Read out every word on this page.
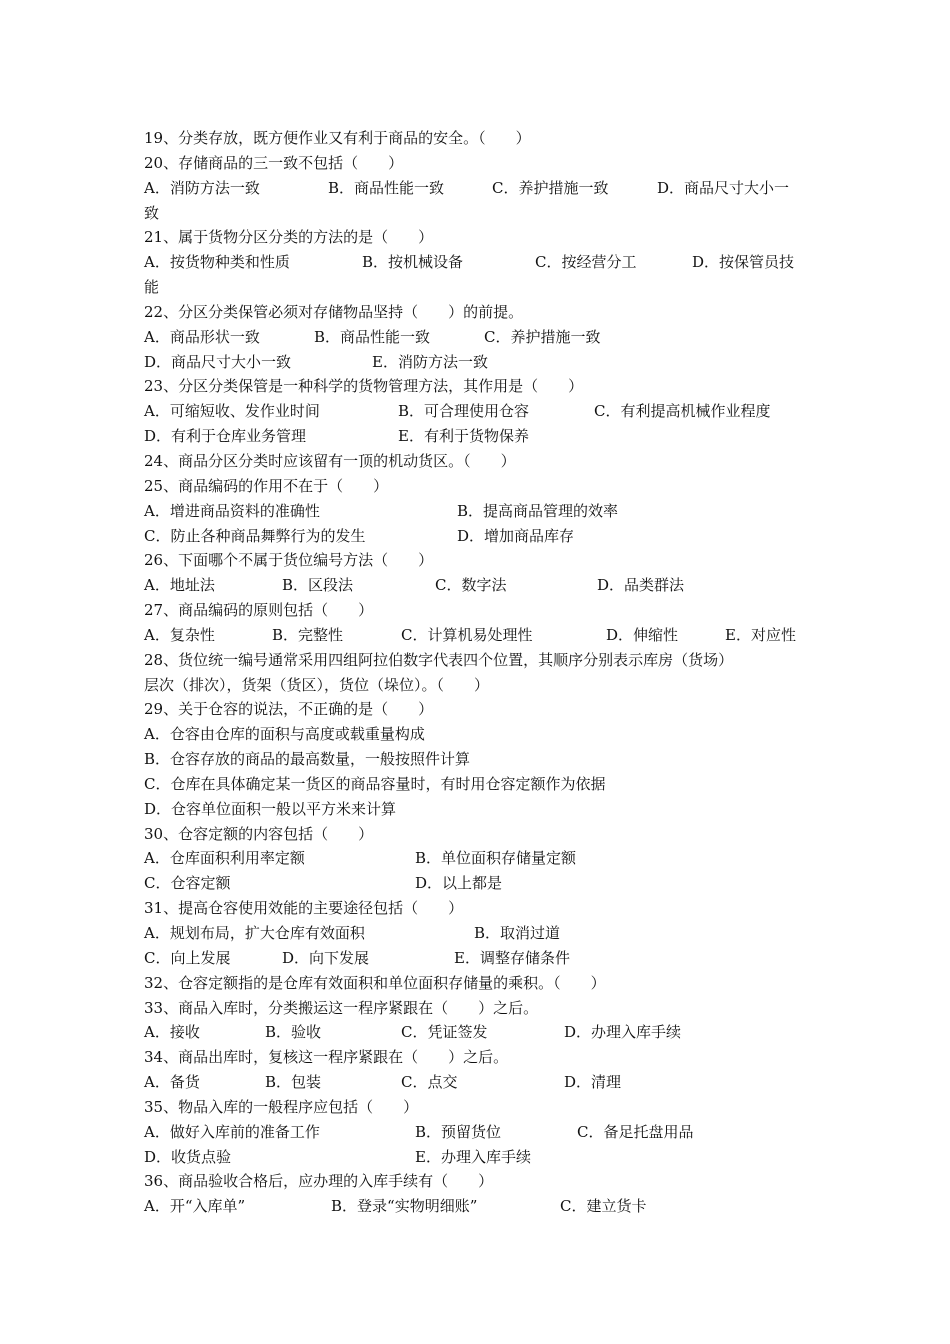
19、分类存放，既方便作业又有利于商品的安全。（　　）
20、存储商品的三一致不包括（　　）
A．消防方法一致	B．商品性能一致	C．养护措施一致	D．商品尺寸大小一
致
21、属于货物分区分类的方法的是（　　）
A．按货物种类和性质	B．按机械设备	C．按经营分工	D．按保管员技
能
22、分区分类保管必须对存储物品坚持（　　）的前提。
A．商品形状一致	B．商品性能一致	C．养护措施一致
D．商品尺寸大小一致	E．消防方法一致
23、分区分类保管是一种科学的货物管理方法，其作用是（　　）
A．可缩短收、发作业时间	B．可合理使用仓容	C．有利提高机械作业程度
D．有利于仓库业务管理	E．有利于货物保养
24、商品分区分类时应该留有一顶的机动货区。（　　）
25、商品编码的作用不在于（　　）
A．增进商品资料的准确性	B．提高商品管理的效率
C．防止各种商品舞弊行为的发生	D．增加商品库存
26、下面哪个不属于货位编号方法（　　）
A．地址法	B．区段法	C．数字法	D．品类群法
27、商品编码的原则包括（　　）
A．复杂性	B．完整性	C．计算机易处理性	D．伸缩性	E．对应性
28、货位统一编号通常采用四组阿拉伯数字代表四个位置，其顺序分别表示库房（货场）
层次（排次），货架（货区），货位（垛位）。（　　）
29、关于仓容的说法，不正确的是（　　）
A．仓容由仓库的面积与高度或载重量构成
B．仓容存放的商品的最高数量，一般按照件计算
C．仓库在具体确定某一货区的商品容量时，有时用仓容定额作为依据
D．仓容单位面积一般以平方米来计算
30、仓容定额的内容包括（　　）
A．仓库面积利用率定额	B．单位面积存储量定额
C．仓容定额	D．以上都是
31、提高仓容使用效能的主要途径包括（　　）
A．规划布局，扩大仓库有效面积	B．取消过道
C．向上发展	D．向下发展	E．调整存储条件
32、仓容定额指的是仓库有效面积和单位面积存储量的乘积。（　　）
33、商品入库时，分类搬运这一程序紧跟在（　　）之后。
A．接收	B．验收	C．凭证签发	D．办理入库手续
34、商品出库时，复核这一程序紧跟在（　　）之后。
A．备货	B．包装	C．点交	D．清理
35、物品入库的一般程序应包括（　　）
A．做好入库前的准备工作	B．预留货位	C．备足托盘用品
D．收货点验	E．办理入库手续
36、商品验收合格后，应办理的入库手续有（　　）
A．开“入库单”	B．登录“实物明细账”	C．建立货卡
